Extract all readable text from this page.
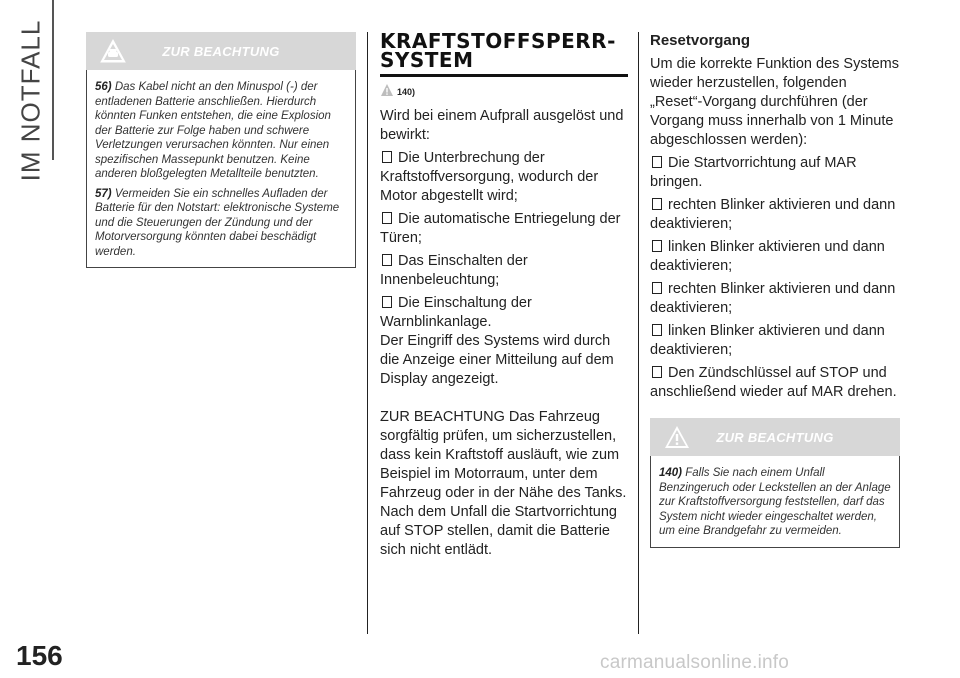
IM NOTFALL
156
ZUR BEACHTUNG

56) Das Kabel nicht an den Minuspol (-) der entladenen Batterie anschließen. Hierdurch könnten Funken entstehen, die eine Explosion der Batterie zur Folge haben und schwere Verletzungen verursachen könnten. Nur einen spezifischen Massepunkt benutzen. Keine anderen bloßgelegten Metallteile benutzten.

57) Vermeiden Sie ein schnelles Aufladen der Batterie für den Notstart: elektronische Systeme und die Steuerungen der Zündung und der Motorversorgung könnten dabei beschädigt werden.

KRAFTSTOFFSPERR-
SYSTEM
140)

Wird bei einem Aufprall ausgelöst und bewirkt:

Die Unterbrechung der Kraftstoffversorgung, wodurch der Motor abgestellt wird;

Die automatische Entriegelung der Türen;

Das Einschalten der Innenbeleuchtung;

Die Einschaltung der Warnblinkanlage.

Der Eingriff des Systems wird durch die Anzeige einer Mitteilung auf dem Display angezeigt.

ZUR BEACHTUNG Das Fahrzeug sorgfältig prüfen, um sicherzustellen, dass kein Kraftstoff ausläuft, wie zum Beispiel im Motorraum, unter dem Fahrzeug oder in der Nähe des Tanks. Nach dem Unfall die Startvorrichtung auf STOP stellen, damit die Batterie sich nicht entlädt.

Resetvorgang

Um die korrekte Funktion des Systems wieder herzustellen, folgenden „Reset“-Vorgang durchführen (der Vorgang muss innerhalb von 1 Minute abgeschlossen werden):

Die Startvorrichtung auf MAR bringen.

rechten Blinker aktivieren und dann deaktivieren;

linken Blinker aktivieren und dann deaktivieren;

rechten Blinker aktivieren und dann deaktivieren;

linken Blinker aktivieren und dann deaktivieren;

Den Zündschlüssel auf STOP und anschließend wieder auf MAR drehen.

ZUR BEACHTUNG

140) Falls Sie nach einem Unfall Benzingeruch oder Leckstellen an der Anlage zur Kraftstoffversorgung feststellen, darf das System nicht wieder eingeschaltet werden, um eine Brandgefahr zu vermeiden.

carmanualsonline.info
